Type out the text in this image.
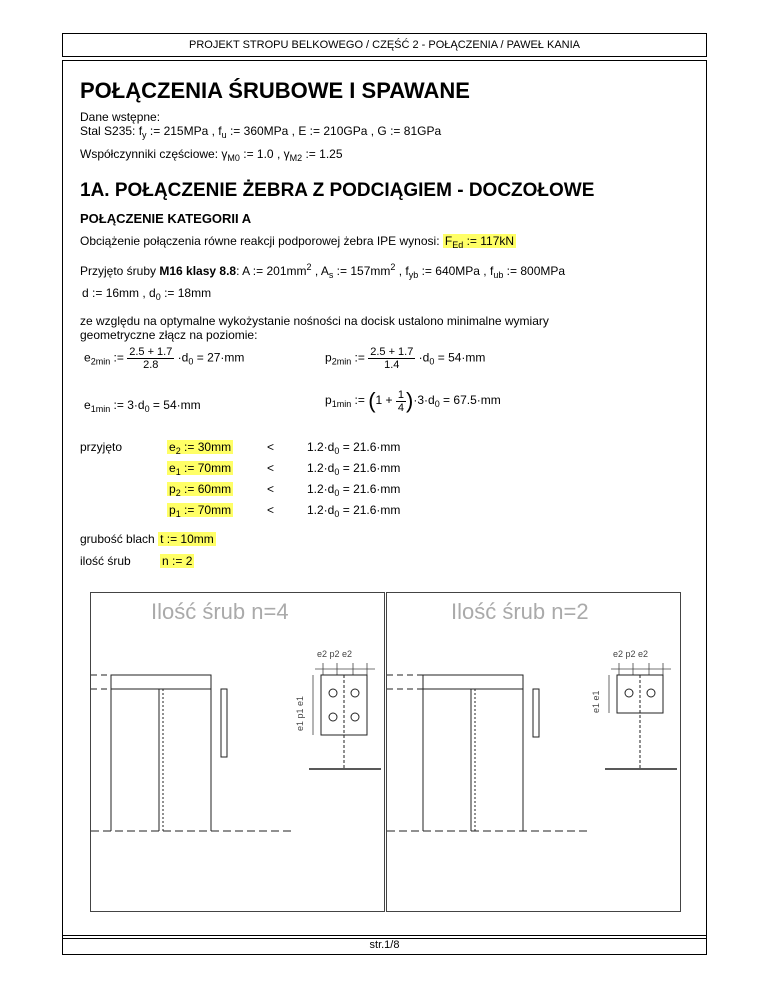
PROJEKT STROPU BELKOWEGO / CZĘŚĆ 2 - POŁĄCZENIA / PAWEŁ KANIA
str.1/8
POŁĄCZENIA ŚRUBOWE I SPAWANE
Dane wstępne:
Stal S235: $f_y$ := 215MPa , $f_u$ := 360MPa , E := 210GPa , G := 81GPa
Współczynniki częściowe: $\gamma_{M0}$ := 1.0 , $\gamma_{M2}$ := 1.25
1A. POŁĄCZENIE ŻEBRA Z PODCIĄGIEM - DOCZOŁOWE
POŁĄCZENIE KATEGORII A
Obciążenie połączenia równe reakcji podporowej żebra IPE wynosi: $F_{Ed}$ := 117kN
Przyjęto śruby M16 klasy 8.8: A := $201mm^2$ , $A_s$ := $157mm^2$ , $f_{yb}$ := 640MPa , $f_{ub}$ := 800MPa
d := 16mm , $d_0$ := 18mm
ze względu na optymalne wykożystanie nośności na docisk ustalono minimalne wymiary
geometryczne złącz na poziomie:
$e_{2min}$ := $\frac{2.5 + 1.7}{2.8} \cdot d_0 = 27\cdot mm$	$p_{2min}$ := $\frac{2.5 + 1.7}{1.4} \cdot d_0 = 54\cdot mm$
$e_{1min}$ := $3\cdot d_0 = 54\cdot mm$	$p_{1min}$ := $(1 + \frac{1}{4} )\cdot 3\cdot d_0 = 67.5\cdot mm$
przyjęto	$e_2$ := 30mm	<	$1.2\cdot d_0 = 21.6\cdot mm$
$e_1$ := 70mm	<	$1.2\cdot d_0 = 21.6\cdot mm$
$p_2$ := 60mm	<	$1.2\cdot d_0 = 21.6\cdot mm$
$p_1$ := 70mm	<	$1.2\cdot d_0 = 21.6\cdot mm$
grubość blach t := 10mm
ilość śrub	n := 2
Ilość śrub n=4
e2 p2 e2
e1 p1 e1
Ilość śrub n=2
e2 p2 e2
e1 e1
